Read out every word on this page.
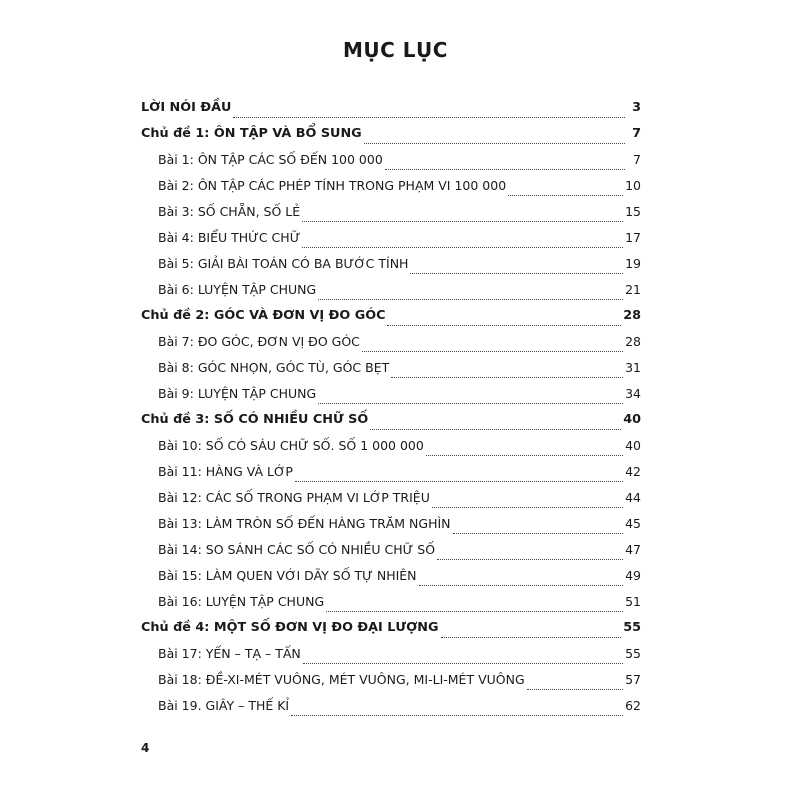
MỤC LỤC
LỜI NÓI ĐẦU	3
Chủ đề 1: ÔN TẬP VÀ BỔ SUNG	7
Bài 1: ÔN TẬP CÁC SỐ ĐẾN 100 000	7
Bài 2: ÔN TẬP CÁC PHÉP TÍNH TRONG PHẠM VI 100 000	10
Bài 3: SỐ CHẴN, SỐ LẺ	15
Bài 4: BIỂU THỨC CHỮ	17
Bài 5: GIẢI BÀI TOÁN CÓ BA BƯỚC TÍNH	19
Bài 6: LUYỆN TẬP CHUNG	21
Chủ đề 2: GÓC VÀ ĐƠN VỊ ĐO GÓC	28
Bài 7: ĐO GÓC, ĐƠN VỊ ĐO GÓC	28
Bài 8: GÓC NHỌN, GÓC TÙ, GÓC BẸT	31
Bài 9: LUYỆN TẬP CHUNG	34
Chủ đề 3: SỐ CÓ NHIỀU CHỮ SỐ	40
Bài 10: SỐ CÓ SÁU CHỮ SỐ. SỐ 1 000 000	40
Bài 11: HÀNG VÀ LỚP	42
Bài 12: CÁC SỐ TRONG PHẠM VI LỚP TRIỆU	44
Bài 13: LÀM TRÒN SỐ ĐẾN HÀNG TRĂM NGHÌN	45
Bài 14: SO SÁNH CÁC SỐ CÓ NHIỀU CHỮ SỐ	47
Bài 15: LÀM QUEN VỚI DÃY SỐ TỰ NHIÊN	49
Bài 16: LUYỆN TẬP CHUNG	51
Chủ đề 4: MỘT SỐ ĐƠN VỊ ĐO ĐẠI LƯỢNG	55
Bài 17: YẾN – TẠ – TẤN	55
Bài 18: ĐỀ-XI-MÉT VUÔNG, MÉT VUÔNG, MI-LI-MÉT VUÔNG	57
Bài 19. GIÂY – THẾ KỈ	62
4
